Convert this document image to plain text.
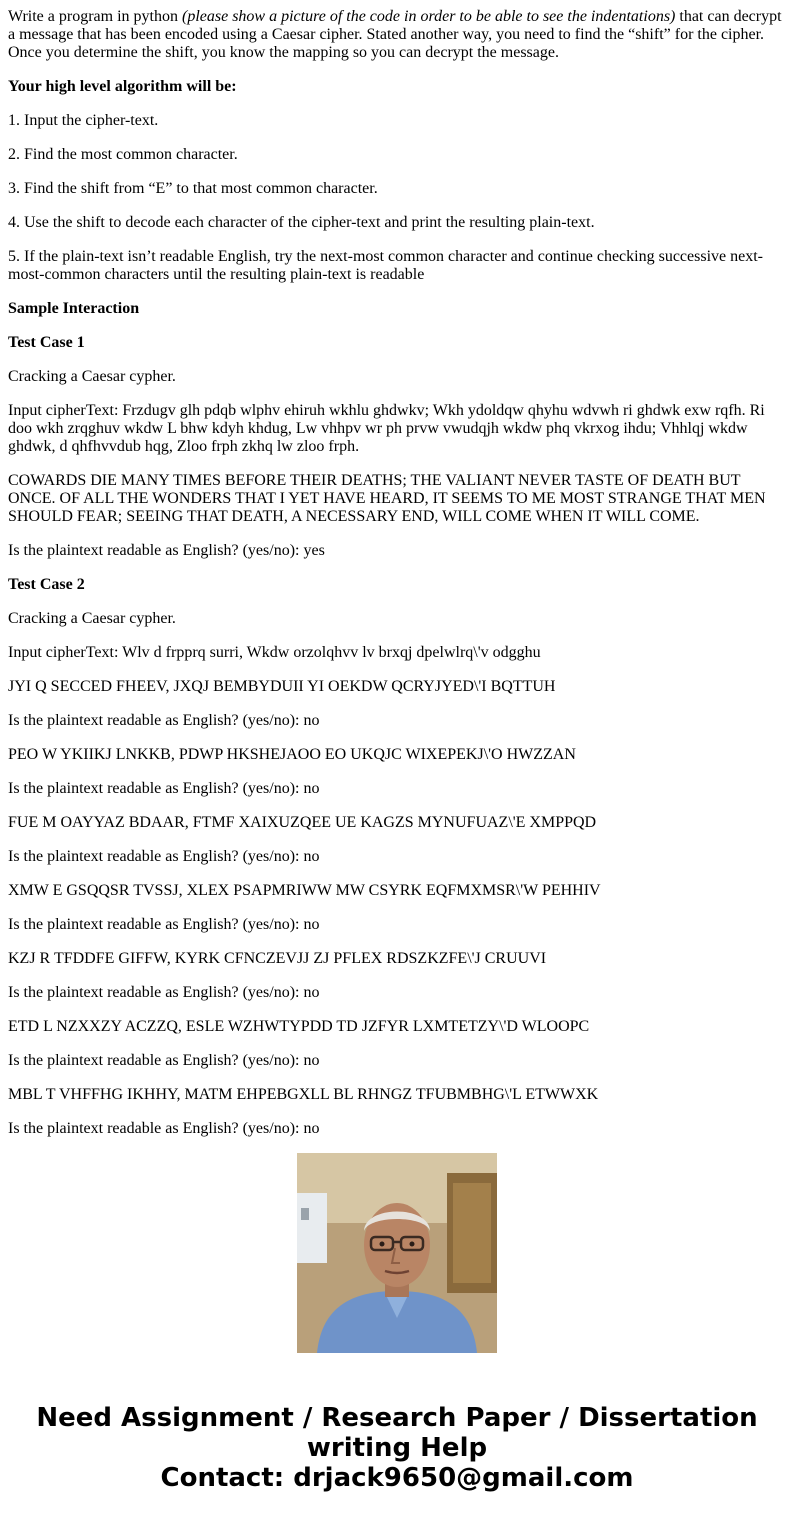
Write a program in python (please show a picture of the code in order to be able to see the indentations) that can decrypt a message that has been encoded using a Caesar cipher. Stated another way, you need to find the “shift” for the cipher. Once you determine the shift, you know the mapping so you can decrypt the message.

Your high level algorithm will be:

1. Input the cipher-text.

2. Find the most common character.

3. Find the shift from “E” to that most common character.

4. Use the shift to decode each character of the cipher-text and print the resulting plain-text.

5. If the plain-text isn’t readable English, try the next-most common character and continue checking successive next-most-common characters until the resulting plain-text is readable

Sample Interaction

Test Case 1

Cracking a Caesar cypher.

Input cipherText: Frzdugv glh pdqb wlphv ehiruh wkhlu ghdwkv; Wkh ydoldqw qhyhu wdvwh ri ghdwk exw rqfh. Ri doo wkh zrqghuv wkdw L bhw kdyh khdug, Lw vhhpv wr ph prvw vwudqjh wkdw phq vkrxog ihdu; Vhhlqj wkdw ghdwk, d qhfhvvdub hqg, Zloo frph zkhq lw zloo frph.

COWARDS DIE MANY TIMES BEFORE THEIR DEATHS; THE VALIANT NEVER TASTE OF DEATH BUT ONCE. OF ALL THE WONDERS THAT I YET HAVE HEARD, IT SEEMS TO ME MOST STRANGE THAT MEN SHOULD FEAR; SEEING THAT DEATH, A NECESSARY END, WILL COME WHEN IT WILL COME.

Is the plaintext readable as English? (yes/no): yes

Test Case 2

Cracking a Caesar cypher.

Input cipherText: Wlv d frpprq surri, Wkdw orzolqhvv lv brxqj dpelwlrq\'v odgghu

JYI Q SECCED FHEEV, JXQJ BEMBYDUII YI OEKDW QCRYJYED\'I BQTTUH

Is the plaintext readable as English? (yes/no): no

PEO W YKIIKJ LNKKB, PDWP HKSHEJAOO EO UKQJC WIXEPEKJ\'O HWZZAN

Is the plaintext readable as English? (yes/no): no

FUE M OAYYAZ BDAAR, FTMF XAIXUZQEE UE KAGZS MYNUFUAZ\'E XMPPQD

Is the plaintext readable as English? (yes/no): no

XMW E GSQQSR TVSSJ, XLEX PSAPMRIWW MW CSYRK EQFMXMSR\'W PEHHIV

Is the plaintext readable as English? (yes/no): no

KZJ R TFDDFE GIFFW, KYRK CFNCZEVJJ ZJ PFLEX RDSZKZFE\'J CRUUVI

Is the plaintext readable as English? (yes/no): no

ETD L NZXXZY ACZZQ, ESLE WZHWTYPDD TD JZFYR LXMTETZY\'D WLOOPC

Is the plaintext readable as English? (yes/no): no

MBL T VHFFHG IKHHY, MATM EHPEBGXLL BL RHNGZ TFUBMBHG\'L ETWWXK

Is the plaintext readable as English? (yes/no): no

Need Assignment / Research Paper / Dissertation
writing Help
Contact: drjack9650@gmail.com
